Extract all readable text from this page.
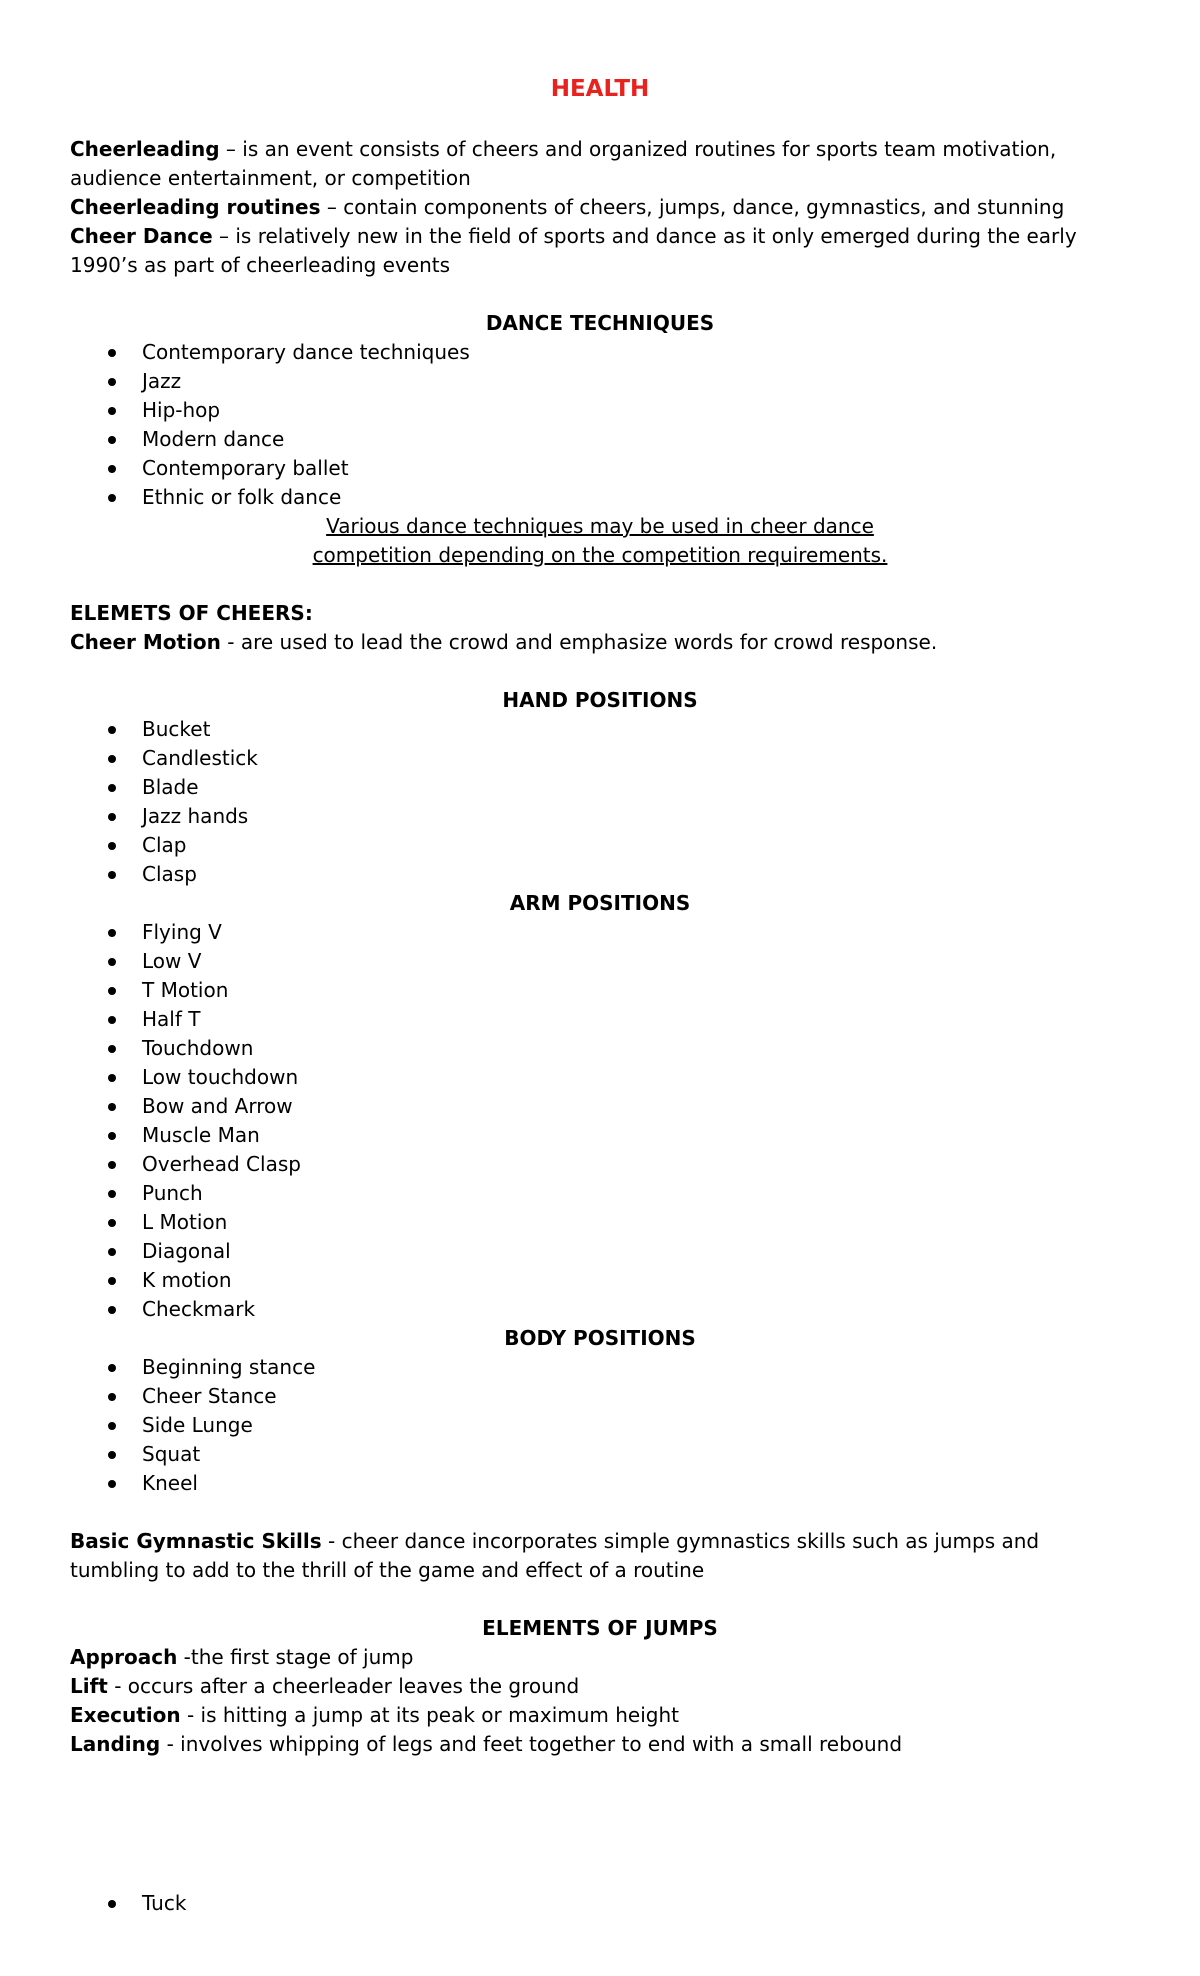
HEALTH

Cheerleading – is an event consists of cheers and organized routines for sports team motivation, audience entertainment, or competition

Cheerleading routines – contain components of cheers, jumps, dance, gymnastics, and stunning

Cheer Dance – is relatively new in the field of sports and dance as it only emerged during the early 1990’s as part of cheerleading events

DANCE TECHNIQUES

Contemporary dance techniques
Jazz
Hip-hop
Modern dance
Contemporary ballet
Ethnic or folk dance

Various dance techniques may be used in cheer dance

competition depending on the competition requirements.

ELEMETS OF CHEERS:

Cheer Motion - are used to lead the crowd and emphasize words for crowd response.

HAND POSITIONS

Bucket
Candlestick
Blade
Jazz hands
Clap
Clasp

ARM POSITIONS

Flying V
Low V
T Motion
Half T
Touchdown
Low touchdown
Bow and Arrow
Muscle Man
Overhead Clasp
Punch
L Motion
Diagonal
K motion
Checkmark

BODY POSITIONS

Beginning stance
Cheer Stance
Side Lunge
Squat
Kneel

Basic Gymnastic Skills - cheer dance incorporates simple gymnastics skills such as jumps and tumbling to add to the thrill of the game and effect of a routine

ELEMENTS OF JUMPS

Approach -the first stage of jump

Lift - occurs after a cheerleader leaves the ground

Execution - is hitting a jump at its peak or maximum height

Landing - involves whipping of legs and feet together to end with a small rebound

Tuck
